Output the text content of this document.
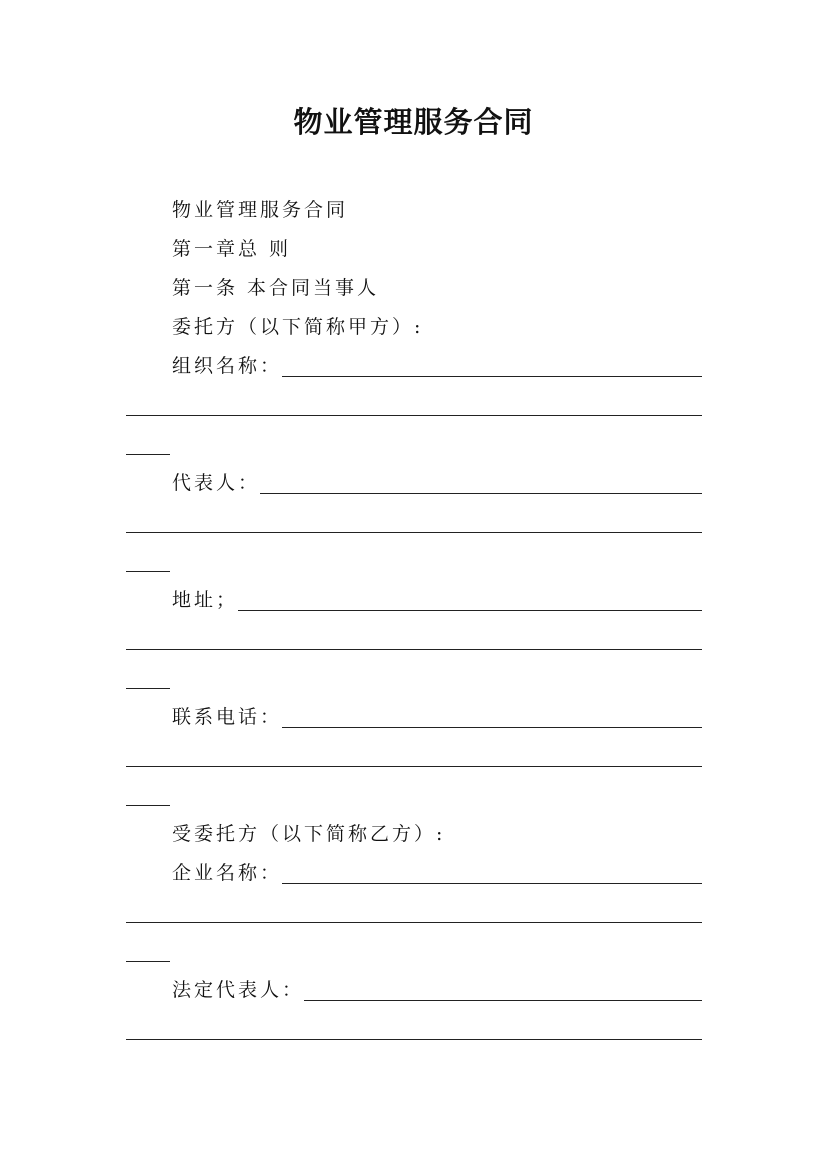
物业管理服务合同
物业管理服务合同
第一章总 则
第一条 本合同当事人
委托方（以下简称甲方）:
组织名称：
代表人：
地址；
联系电话：
受委托方（以下简称乙方）:
企业名称：
法定代表人：
